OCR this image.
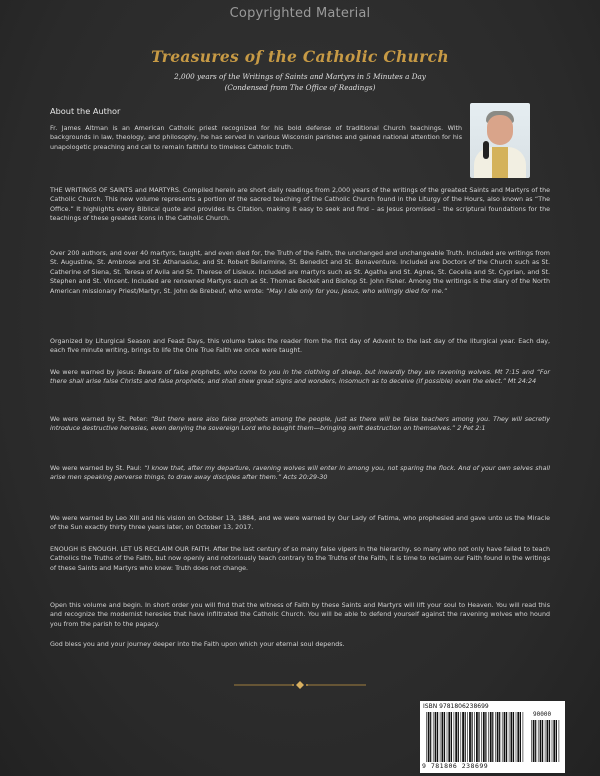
Copyrighted Material
Treasures of the Catholic Church
2,000 years of the Writings of Saints and Martyrs in 5 Minutes a Day
(Condensed from The Office of Readings)
About the Author

Fr. James Altman is an American Catholic priest recognized for his bold defense of traditional Church teachings. With backgrounds in law, theology, and philosophy, he has served in various Wisconsin parishes and gained national attention for his unapologetic preaching and call to remain faithful to timeless Catholic truth.

THE WRITINGS OF SAINTS and MARTYRS. Compiled herein are short daily readings from 2,000 years of the writings of the greatest Saints and Martyrs of the Catholic Church. This new volume represents a portion of the sacred teaching of the Catholic Church found in the Liturgy of the Hours, also known as “The Office.” It highlights every Biblical quote and provides its Citation, making it easy to seek and find – as Jesus promised – the scriptural foundations for the teachings of these greatest icons in the Catholic Church.

Over 200 authors, and over 40 martyrs, taught, and even died for, the Truth of the Faith, the unchanged and unchangeable Truth. Included are writings from St. Augustine, St. Ambrose and St. Athanasius, and St. Robert Bellarmine, St. Benedict and St. Bonaventure. Included are Doctors of the Church such as St. Catherine of Siena, St. Teresa of Avila and St. Therese of Lisieux. Included are martyrs such as St. Agatha and St. Agnes, St. Cecelia and St. Cyprian, and St. Stephen and St. Vincent. Included are renowned Martyrs such as St. Thomas Becket and Bishop St. John Fisher. Among the writings is the diary of the North American missionary Priest/Martyr, St. John de Brebeuf, who wrote: “May I die only for you, Jesus, who willingly died for me.”

Organized by Liturgical Season and Feast Days, this volume takes the reader from the first day of Advent to the last day of the liturgical year. Each day, each five minute writing, brings to life the One True Faith we once were taught.

We were warned by Jesus: Beware of false prophets, who come to you in the clothing of sheep, but inwardly they are ravening wolves. Mt 7:15 and “For there shall arise false Christs and false prophets, and shall shew great signs and wonders, insomuch as to deceive (if possible) even the elect.” Mt 24:24

We were warned by St. Peter: “But there were also false prophets among the people, just as there will be false teachers among you. They will secretly introduce destructive heresies, even denying the sovereign Lord who bought them—bringing swift destruction on themselves.” 2 Pet 2:1

We were warned by St. Paul: “I know that, after my departure, ravening wolves will enter in among you, not sparing the flock. And of your own selves shall arise men speaking perverse things, to draw away disciples after them.” Acts 20:29-30

We were warned by Leo XIII and his vision on October 13, 1884, and we were warned by Our Lady of Fatima, who prophesied and gave unto us the Miracle of the Sun exactly thirty three years later, on October 13, 2017.

ENOUGH IS ENOUGH. LET US RECLAIM OUR FAITH. After the last century of so many false vipers in the hierarchy, so many who not only have failed to teach Catholics the Truths of the Faith, but now openly and notoriously teach contrary to the Truths of the Faith, it is time to reclaim our Faith found in the writings of these Saints and Martyrs who knew: Truth does not change.

Open this volume and begin. In short order you will find that the witness of Faith by these Saints and Martyrs will lift your soul to Heaven. You will read this and recognize the modernist heresies that have infiltrated the Catholic Church. You will be able to defend yourself against the ravening wolves who hound you from the parish to the papacy.

God bless you and your journey deeper into the Faith upon which your eternal soul depends.

ISBN 9781806238699
90000
9 781806 238699
